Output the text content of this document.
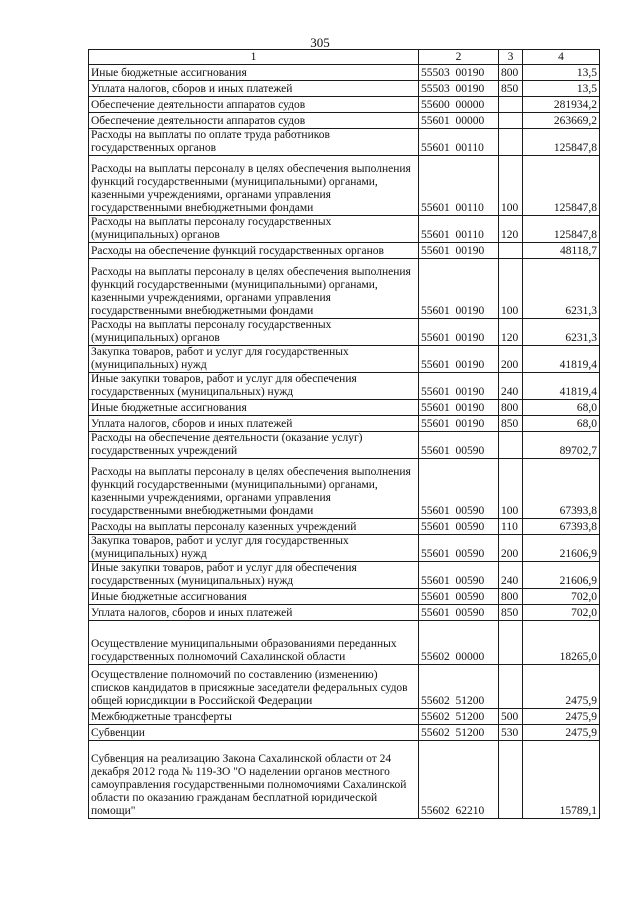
305
1	2	3	4
Иные бюджетные ассигнования	55503  00190	800	13,5
Уплата налогов, сборов и иных платежей	55503  00190	850	13,5
Обеспечение деятельности аппаратов судов	55600  00000		281934,2
Обеспечение деятельности аппаратов судов	55601  00000		263669,2
Расходы на выплаты по оплате труда работников государственных органов	55601  00110		125847,8
Расходы на выплаты персоналу в целях обеспечения выполнения функций государственными (муниципальными) органами, казенными учреждениями, органами управления государственными внебюджетными фондами	55601  00110	100	125847,8
Расходы на выплаты персоналу государственных (муниципальных) органов	55601  00110	120	125847,8
Расходы на обеспечение функций государственных органов	55601  00190		48118,7
Расходы на выплаты персоналу в целях обеспечения выполнения функций государственными (муниципальными) органами, казенными учреждениями, органами управления государственными внебюджетными фондами	55601  00190	100	6231,3
Расходы на выплаты персоналу государственных (муниципальных) органов	55601  00190	120	6231,3
Закупка товаров, работ и услуг для государственных (муниципальных) нужд	55601  00190	200	41819,4
Иные закупки товаров, работ и услуг для обеспечения государственных (муниципальных) нужд	55601  00190	240	41819,4
Иные бюджетные ассигнования	55601  00190	800	68,0
Уплата налогов, сборов и иных платежей	55601  00190	850	68,0
Расходы на обеспечение деятельности (оказание услуг) государственных учреждений	55601  00590		89702,7
Расходы на выплаты персоналу в целях обеспечения выполнения функций государственными (муниципальными) органами, казенными учреждениями, органами управления государственными внебюджетными фондами	55601  00590	100	67393,8
Расходы на выплаты персоналу казенных учреждений	55601  00590	110	67393,8
Закупка товаров, работ и услуг для государственных (муниципальных) нужд	55601  00590	200	21606,9
Иные закупки товаров, работ и услуг для обеспечения государственных (муниципальных) нужд	55601  00590	240	21606,9
Иные бюджетные ассигнования	55601  00590	800	702,0
Уплата налогов, сборов и иных платежей	55601  00590	850	702,0
Осуществление муниципальными образованиями переданных государственных полномочий Сахалинской области	55602  00000		18265,0
Осуществление полномочий по составлению (изменению) списков кандидатов в присяжные заседатели федеральных судов общей юрисдикции в Российской Федерации	55602  51200		2475,9
Межбюджетные трансферты	55602  51200	500	2475,9
Субвенции	55602  51200	530	2475,9
Субвенция на реализацию Закона Сахалинской области от 24 декабря 2012 года № 119-ЗО "О наделении органов местного самоуправления государственными полномочиями Сахалинской области по оказанию гражданам бесплатной юридической помощи"	55602  62210		15789,1
